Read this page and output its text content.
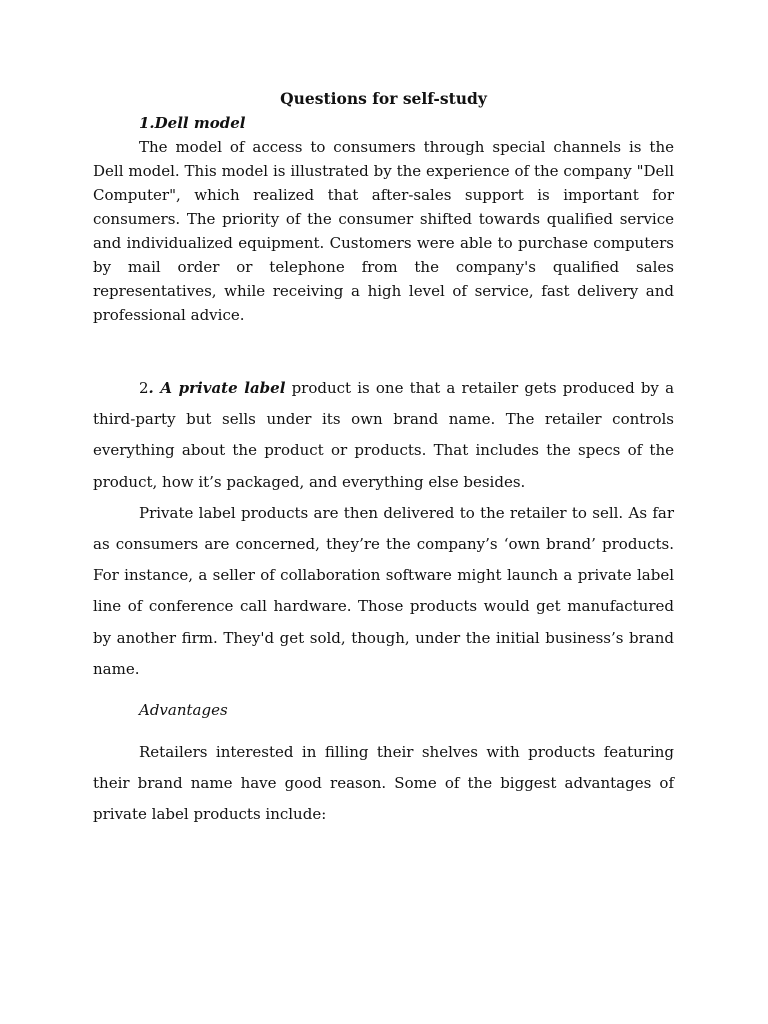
Questions for self-study

1.Dell model

The model of access to consumers through special channels is the Dell model. This model is illustrated by the experience of the company "Dell Computer", which realized that after-sales support is important for consumers. The priority of the consumer shifted towards qualified service and individualized equipment. Customers were able to purchase computers by mail order or telephone from the company's qualified sales representatives, while receiving a high level of service, fast delivery and professional advice.

2. A private label product is one that a retailer gets produced by a third-party but sells under its own brand name. The retailer controls everything about the product or products. That includes the specs of the product, how it’s packaged, and everything else besides.

Private label products are then delivered to the retailer to sell. As far as consumers are concerned, they’re the company’s ‘own brand’ products. For instance, a seller of collaboration software might launch a private label line of conference call hardware. Those products would get manufactured by another firm. They'd get sold, though, under the initial business’s brand name.

Advantages

Retailers interested in filling their shelves with products featuring their brand name have good reason. Some of the biggest advantages of private label products include:
